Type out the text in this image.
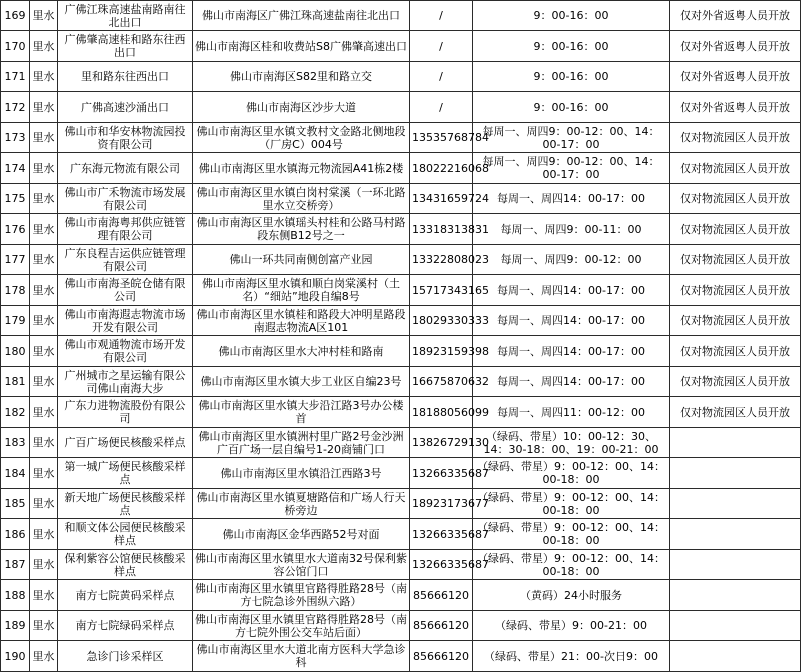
169	里水	广佛江珠高速盐南路南往北出口	佛山市南海区广佛江珠高速盐南往北出口	/	9：00-16：00	仅对外省返粤人员开放
170	里水	广佛肇高速桂和路东往西出口	佛山市南海区桂和收费站S8广佛肇高速出口	/	9：00-16：00	仅对外省返粤人员开放
171	里水	里和路东往西出口	佛山市南海区S82里和路立交	/	9：00-16：00	仅对外省返粤人员开放
172	里水	广佛高速沙涌出口	佛山市南海区沙步大道	/	9：00-16：00	仅对外省返粤人员开放
173	里水	佛山市和华安林物流园投资有限公司	佛山市南海区里水镇文教村文金路北侧地段（厂房C）004号	13535768784	每周一、周四9：00-12：00、14：00-17：00	仅对物流园区人员开放
174	里水	广东海元物流有限公司	佛山市南海区里水镇海元物流园A41栋2楼	18022216068	每周一、周四9：00-12：00、14：00-17：00	仅对物流园区人员开放
175	里水	佛山市广禾物流市场发展有限公司	佛山市南海区里水镇白岗村棠溪（一环北路里水立交桥旁）	13431659724	每周一、周四14：00-17：00	仅对物流园区人员开放
176	里水	佛山市南海粤邦供应链管理有限公司	佛山市南海区里水镇瑶头村桂和公路马村路段东侧B12号之一	13318313831	每周一、周四9：00-11：00	仅对物流园区人员开放
177	里水	广东良程吉运供应链管理有限公司	佛山一环共同南侧创富产业园	13322808023	每周一、周四9：00-12：00	仅对物流园区人员开放
178	里水	佛山市南海圣皖仓储有限公司	佛山市南海区里水镇和顺白岗棠溪村（土名）“细站”地段自编8号	15717343165	每周一、周四14：00-17：00	仅对物流园区人员开放
179	里水	佛山市南海遐志物流市场开发有限公司	佛山市南海区里水镇桂和路段大冲明星路段南遐志物流A区101	18029330333	每周一、周四14：00-17：00	仅对物流园区人员开放
180	里水	佛山市观通物流市场开发有限公司	佛山市南海区里水大冲村桂和路南	18923159398	每周一、周四14：00-17：00	仅对物流园区人员开放
181	里水	广州城市之星运输有限公司佛山南海大步	佛山市南海区里水镇大步工业区自编23号	16675870632	每周一、周四14：00-17：00	仅对物流园区人员开放
182	里水	广东力进物流股份有限公司	佛山市南海区里水镇大步沿江路3号办公楼首	18188056099	每周一、周四11：00-12：00	仅对物流园区人员开放
183	里水	广百广场便民核酸采样点	佛山市南海区里水镇洲村里广路2号金沙洲广百广场一层自编号1-20商铺门口	13826729130	（绿码、带星）10：00-12：30、14：30-18：00、19：00-21：00	
184	里水	第一城广场便民核酸采样点	佛山市南海区里水镇沿江西路3号	13266335687	（绿码、带星）9：00-12：00、14：00-18：00	
185	里水	新天地广场便民核酸采样点	佛山市南海区里水镇夏塘路信和广场人行天桥旁边	18923173677	（绿码、带星）9：00-12：00、14：00-18：00	
186	里水	和顺文体公园便民核酸采样点	佛山市南海区金华西路52号对面	13266335687	（绿码、带星）9：00-12：00、14：00-18：00	
187	里水	保利紫容公馆便民核酸采样点	佛山市南海区里水镇里水大道南32号保利紫容公馆门口	13266335687	（绿码、带星）9：00-12：00、14：00-18：00	
188	里水	南方七院黄码采样点	佛山市南海区里水镇里官路得胜路28号（南方七院急诊外围纵六路）	85666120	（黄码）24小时服务	
189	里水	南方七院绿码采样点	佛山市南海区里水镇里官路得胜路28号（南方七院外围公交车站后面）	85666120	（绿码、带星）9：00-21：00	
190	里水	急诊门诊采样区	佛山市南海区里水大道北南方医科大学急诊科	85666120	（绿码、带星）21：00-次日9：00	
